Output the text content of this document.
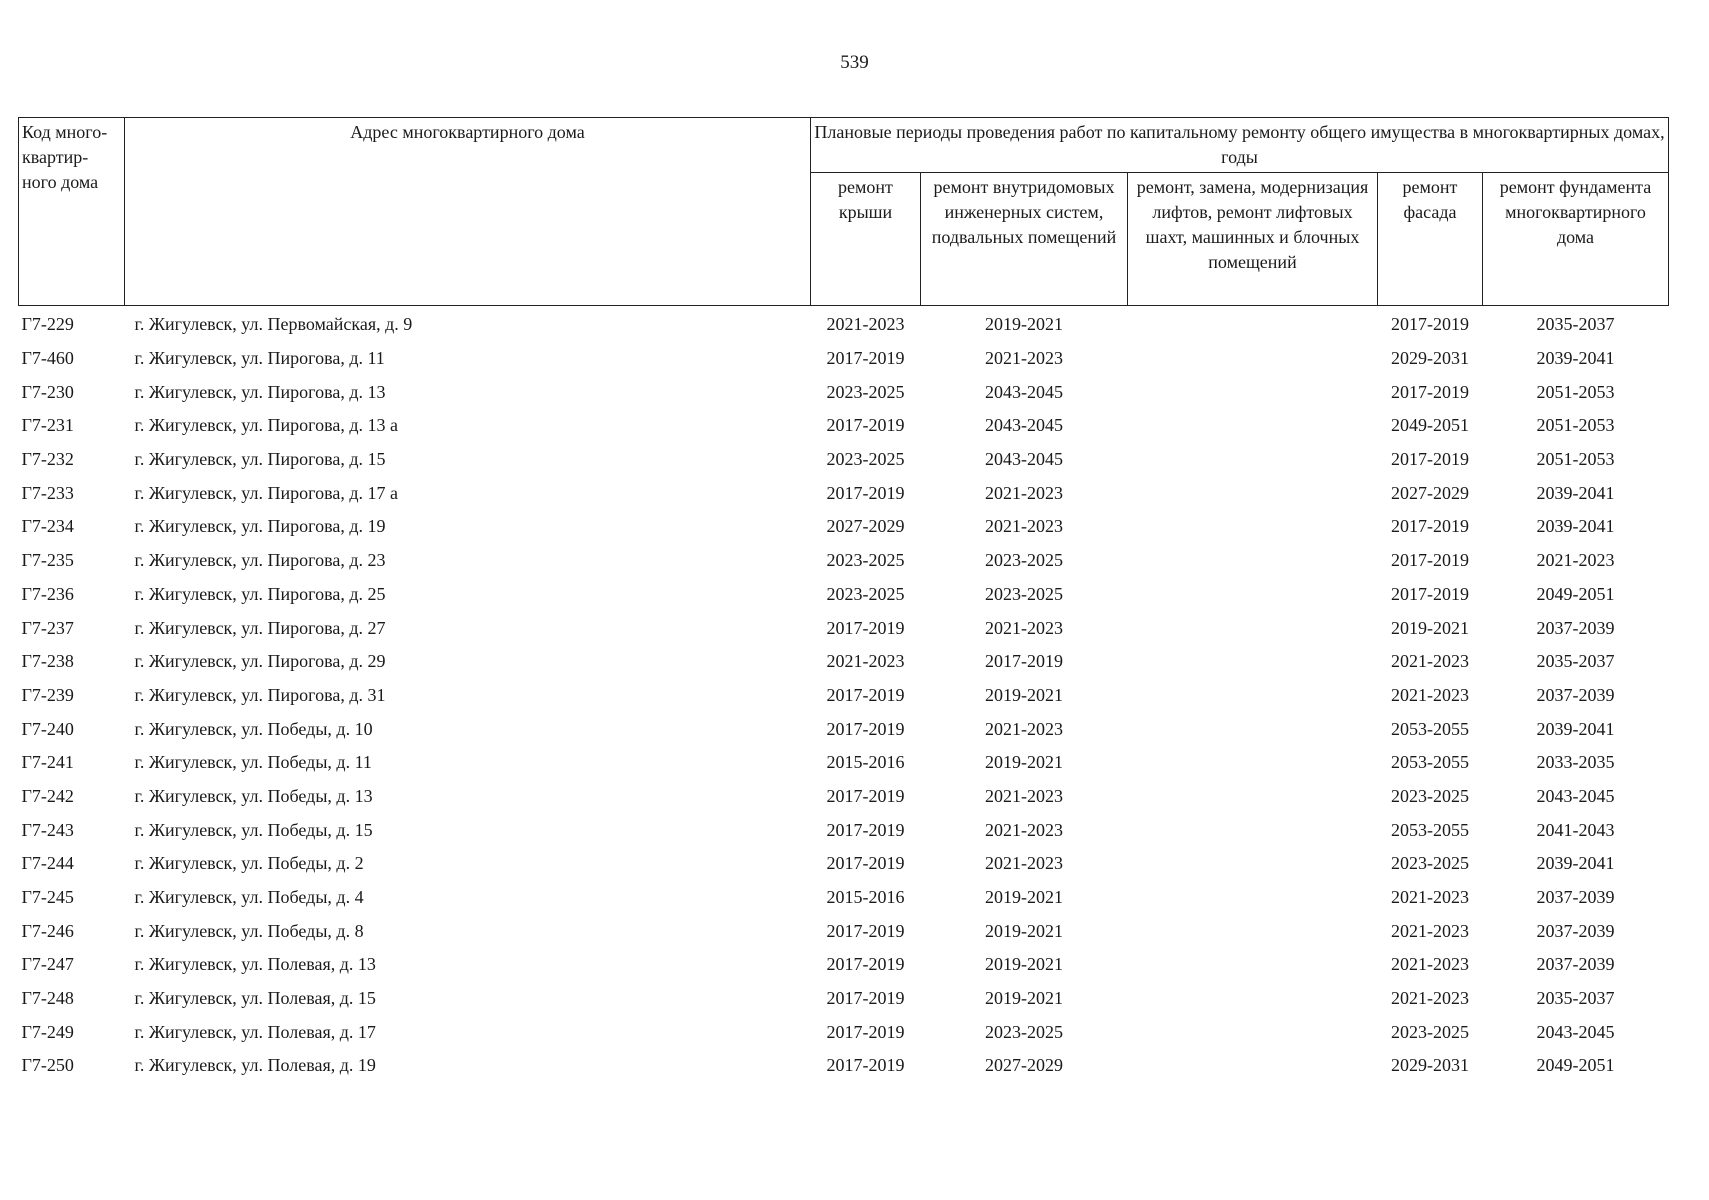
539
Код много-квартир-ного дома	Адрес многоквартирного дома	Плановые периоды проведения работ по капитальному ремонту общего имущества в многоквартирных домах, годы				
		ремонт крыши	ремонт внутридомовых инженерных систем, подвальных помещений	ремонт, замена, модернизация лифтов, ремонт лифтовых шахт, машинных и блочных помещений	ремонт фасада	ремонт фундамента многоквартирного дома
Г7-229	г. Жигулевск, ул. Первомайская, д. 9	2021-2023	2019-2021		2017-2019	2035-2037
Г7-460	г. Жигулевск, ул. Пирогова, д. 11	2017-2019	2021-2023		2029-2031	2039-2041
Г7-230	г. Жигулевск, ул. Пирогова, д. 13	2023-2025	2043-2045		2017-2019	2051-2053
Г7-231	г. Жигулевск, ул. Пирогова, д. 13 а	2017-2019	2043-2045		2049-2051	2051-2053
Г7-232	г. Жигулевск, ул. Пирогова, д. 15	2023-2025	2043-2045		2017-2019	2051-2053
Г7-233	г. Жигулевск, ул. Пирогова, д. 17 а	2017-2019	2021-2023		2027-2029	2039-2041
Г7-234	г. Жигулевск, ул. Пирогова, д. 19	2027-2029	2021-2023		2017-2019	2039-2041
Г7-235	г. Жигулевск, ул. Пирогова, д. 23	2023-2025	2023-2025		2017-2019	2021-2023
Г7-236	г. Жигулевск, ул. Пирогова, д. 25	2023-2025	2023-2025		2017-2019	2049-2051
Г7-237	г. Жигулевск, ул. Пирогова, д. 27	2017-2019	2021-2023		2019-2021	2037-2039
Г7-238	г. Жигулевск, ул. Пирогова, д. 29	2021-2023	2017-2019		2021-2023	2035-2037
Г7-239	г. Жигулевск, ул. Пирогова, д. 31	2017-2019	2019-2021		2021-2023	2037-2039
Г7-240	г. Жигулевск, ул. Победы, д. 10	2017-2019	2021-2023		2053-2055	2039-2041
Г7-241	г. Жигулевск, ул. Победы, д. 11	2015-2016	2019-2021		2053-2055	2033-2035
Г7-242	г. Жигулевск, ул. Победы, д. 13	2017-2019	2021-2023		2023-2025	2043-2045
Г7-243	г. Жигулевск, ул. Победы, д. 15	2017-2019	2021-2023		2053-2055	2041-2043
Г7-244	г. Жигулевск, ул. Победы, д. 2	2017-2019	2021-2023		2023-2025	2039-2041
Г7-245	г. Жигулевск, ул. Победы, д. 4	2015-2016	2019-2021		2021-2023	2037-2039
Г7-246	г. Жигулевск, ул. Победы, д. 8	2017-2019	2019-2021		2021-2023	2037-2039
Г7-247	г. Жигулевск, ул. Полевая, д. 13	2017-2019	2019-2021		2021-2023	2037-2039
Г7-248	г. Жигулевск, ул. Полевая, д. 15	2017-2019	2019-2021		2021-2023	2035-2037
Г7-249	г. Жигулевск, ул. Полевая, д. 17	2017-2019	2023-2025		2023-2025	2043-2045
Г7-250	г. Жигулевск, ул. Полевая, д. 19	2017-2019	2027-2029		2029-2031	2049-2051
